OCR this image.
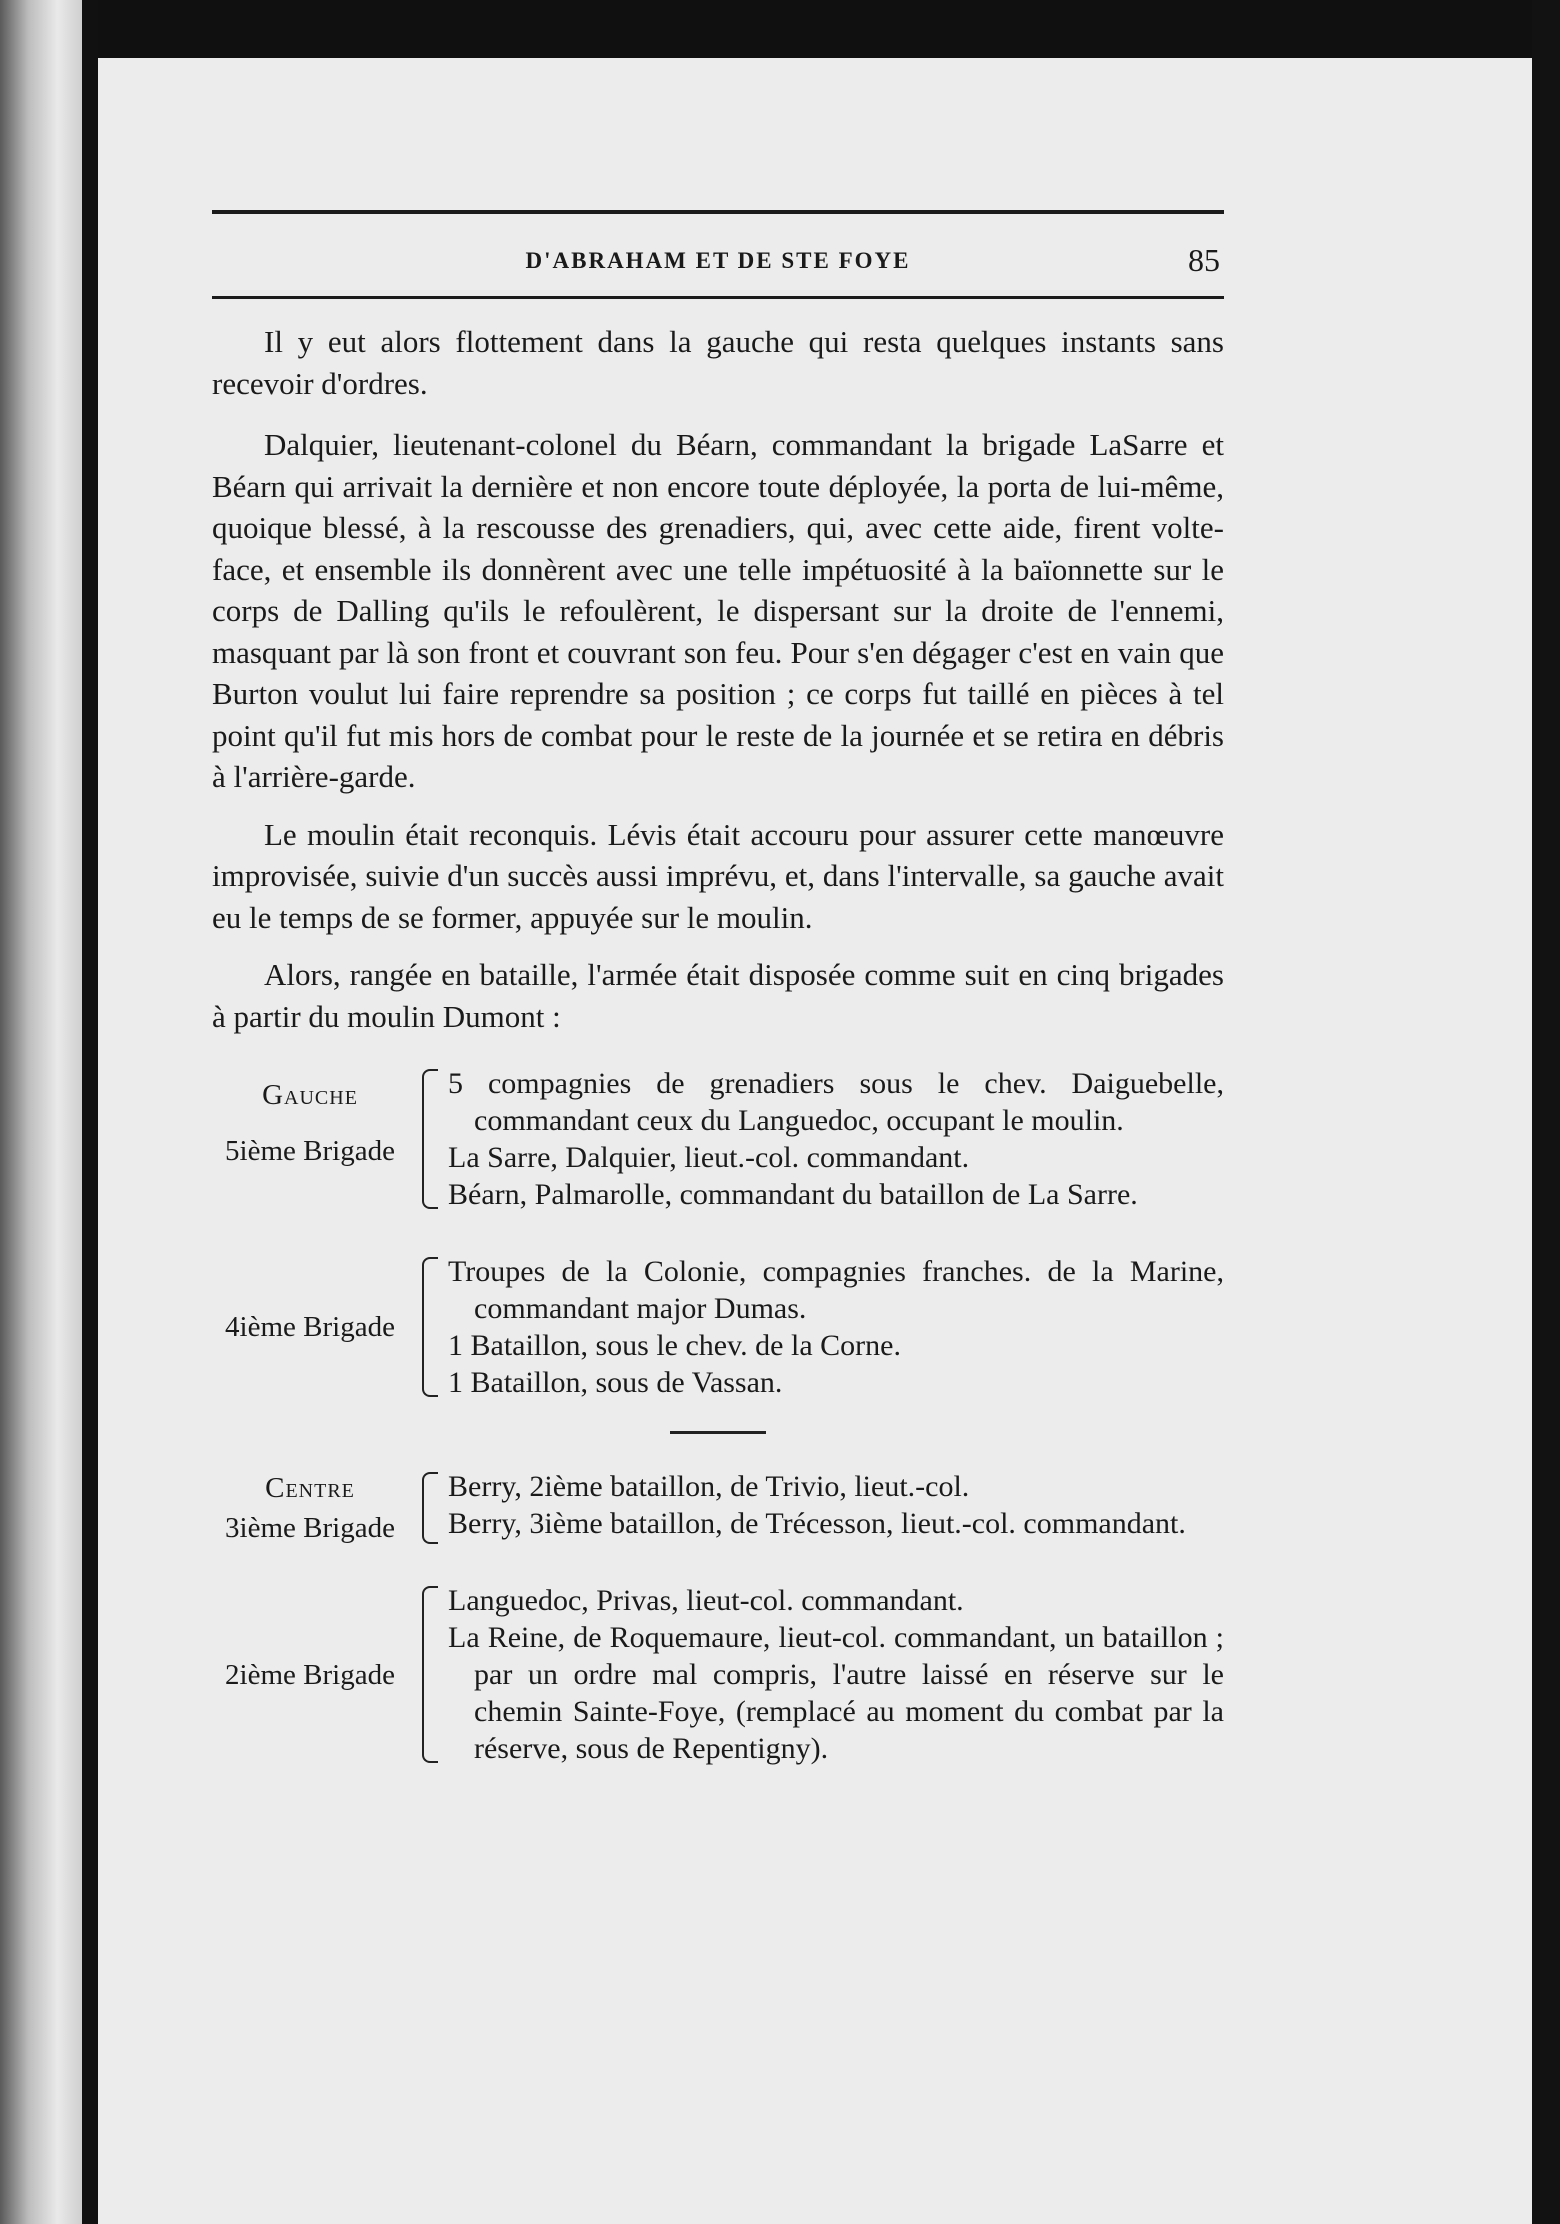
D'ABRAHAM ET DE STE FOYE	85

Il y eut alors flottement dans la gauche qui resta quelques instants sans recevoir d'ordres.

Dalquier, lieutenant-colonel du Béarn, commandant la brigade LaSarre et Béarn qui arrivait la dernière et non encore toute déployée, la porta de lui-même, quoique blessé, à la rescousse des grenadiers, qui, avec cette aide, firent volte-face, et ensemble ils donnèrent avec une telle impétuosité à la baïonnette sur le corps de Dalling qu'ils le refoulèrent, le dispersant sur la droite de l'ennemi, masquant par là son front et couvrant son feu. Pour s'en dégager c'est en vain que Burton voulut lui faire reprendre sa position ; ce corps fut taillé en pièces à tel point qu'il fut mis hors de combat pour le reste de la journée et se retira en débris à l'arrière-garde.

Le moulin était reconquis. Lévis était accouru pour assurer cette manœuvre improvisée, suivie d'un succès aussi imprévu, et, dans l'intervalle, sa gauche avait eu le temps de se former, appuyée sur le moulin.

Alors, rangée en bataille, l'armée était disposée comme suit en cinq brigades à partir du moulin Dumont :

Gauche
5ième Brigade

5 compagnies de grenadiers sous le chev. Daiguebelle, commandant ceux du Languedoc, occupant le moulin.

La Sarre, Dalquier, lieut.-col. commandant.

Béarn, Palmarolle, commandant du bataillon de La Sarre.

4ième Brigade

Troupes de la Colonie, compagnies franches. de la Marine, commandant major Dumas.

1 Bataillon, sous le chev. de la Corne.

1 Bataillon, sous de Vassan.

Centre
3ième Brigade

Berry, 2ième bataillon, de Trivio, lieut.-col.

Berry, 3ième bataillon, de Trécesson, lieut.-col. commandant.

2ième Brigade

Languedoc, Privas, lieut-col. commandant.

La Reine, de Roquemaure, lieut-col. commandant, un bataillon ; par un ordre mal compris, l'autre laissé en réserve sur le chemin Sainte-Foye, (remplacé au moment du combat par la réserve, sous de Repentigny).
